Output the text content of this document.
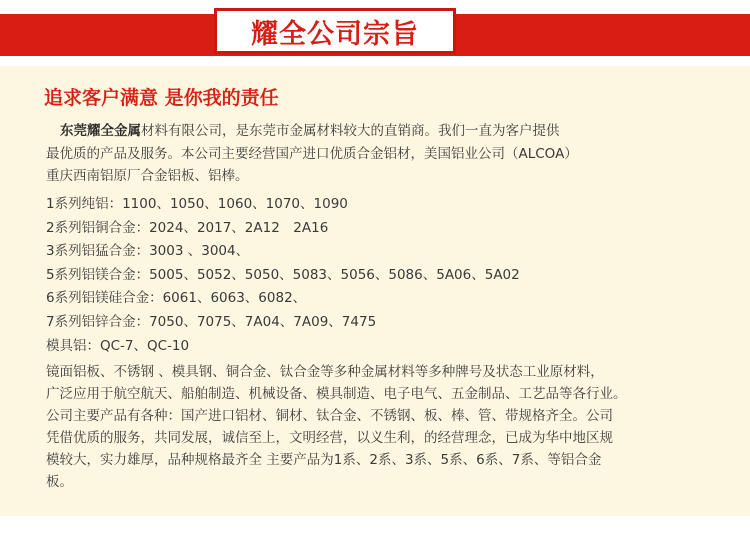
耀全公司宗旨
追求客户满意 是你我的责任
东莞耀全金属材料有限公司，是东莞市金属材料较大的直销商。我们一直为客户提供
最优质的产品及服务。本公司主要经营国产进口优质合金铝材，美国铝业公司（ALCOA）
重庆西南铝原厂合金铝板、铝棒。
1系列纯铝：1100、1050、1060、1070、1090
2系列铝铜合金：2024、2017、2A12　2A16
3系列铝猛合金：3003 、3004、
5系列铝镁合金：5005、5052、5050、5083、5056、5086、5A06、5A02
6系列铝镁硅合金：6061、6063、6082、
7系列铝锌合金：7050、7075、7A04、7A09、7475
模具铝：QC-7、QC-10
镜面铝板、不锈钢 、模具钢、铜合金、钛合金等多种金属材料等多种牌号及状态工业原材料，
广泛应用于航空航天、船舶制造、机械设备、模具制造、电子电气、五金制品、工艺品等各行业。
公司主要产品有各种：国产进口铝材、铜材、钛合金、不锈钢、板、棒、管、带规格齐全。公司
凭借优质的服务，共同发展，诚信至上，文明经营，以义生利，的经营理念，已成为华中地区规
模较大，实力雄厚，品种规格最齐全 主要产品为1系、2系、3系、5系、6系、7系、等铝合金
板。
